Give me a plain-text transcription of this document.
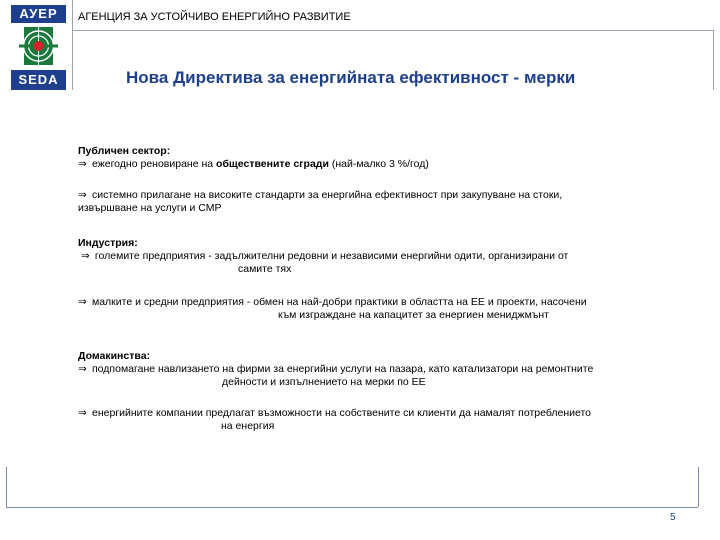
АУЕР
SEDA
АГЕНЦИЯ ЗА УСТОЙЧИВО ЕНЕРГИЙНО РАЗВИТИЕ
Нова Директива за енергийната ефективност - мерки
Публичен сектор:
⇒ ежегодно реновиране на обществените сгради (най-малко 3 %/год)
⇒ системно прилагане на високите стандарти за енергийна ефективност при закупуване на стоки,
извършване на услуги и СМР
Индустрия:
⇒ големите предприятия - задължителни редовни и независими енергийни одити, организирани от
самите тях
⇒ малките и средни предприятия - обмен на най-добри практики в областта на ЕЕ и проекти, насочени
към изграждане на капацитет за енергиен мениджмънт
Домакинства:
⇒ подпомагане навлизането на фирми за енергийни услуги на пазара, като катализатори на ремонтните
дейности и изпълнението на мерки по ЕЕ
⇒ енергийните компании предлагат възможности на собствените си клиенти да намалят потреблението
на енергия
5
